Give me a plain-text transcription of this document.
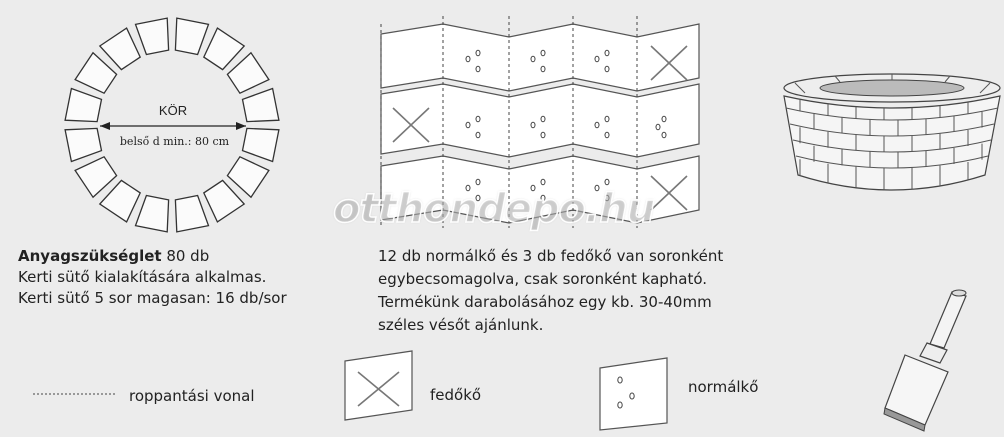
KÖR
belső d min.: 80 cm
Anyagszükséglet 80 db
Kerti sütő kialakítására alkalmas.
Kerti sütő 5 sor magasan: 16 db/sor
12 db normálkő és 3 db fedőkő van soronként
egybecsomagolva, csak soronként kapható.
Termékünk darabolásához egy kb. 30-40mm
széles vésőt ajánlunk.
roppantási vonal	fedőkő	normálkő
otthondepo.hu
